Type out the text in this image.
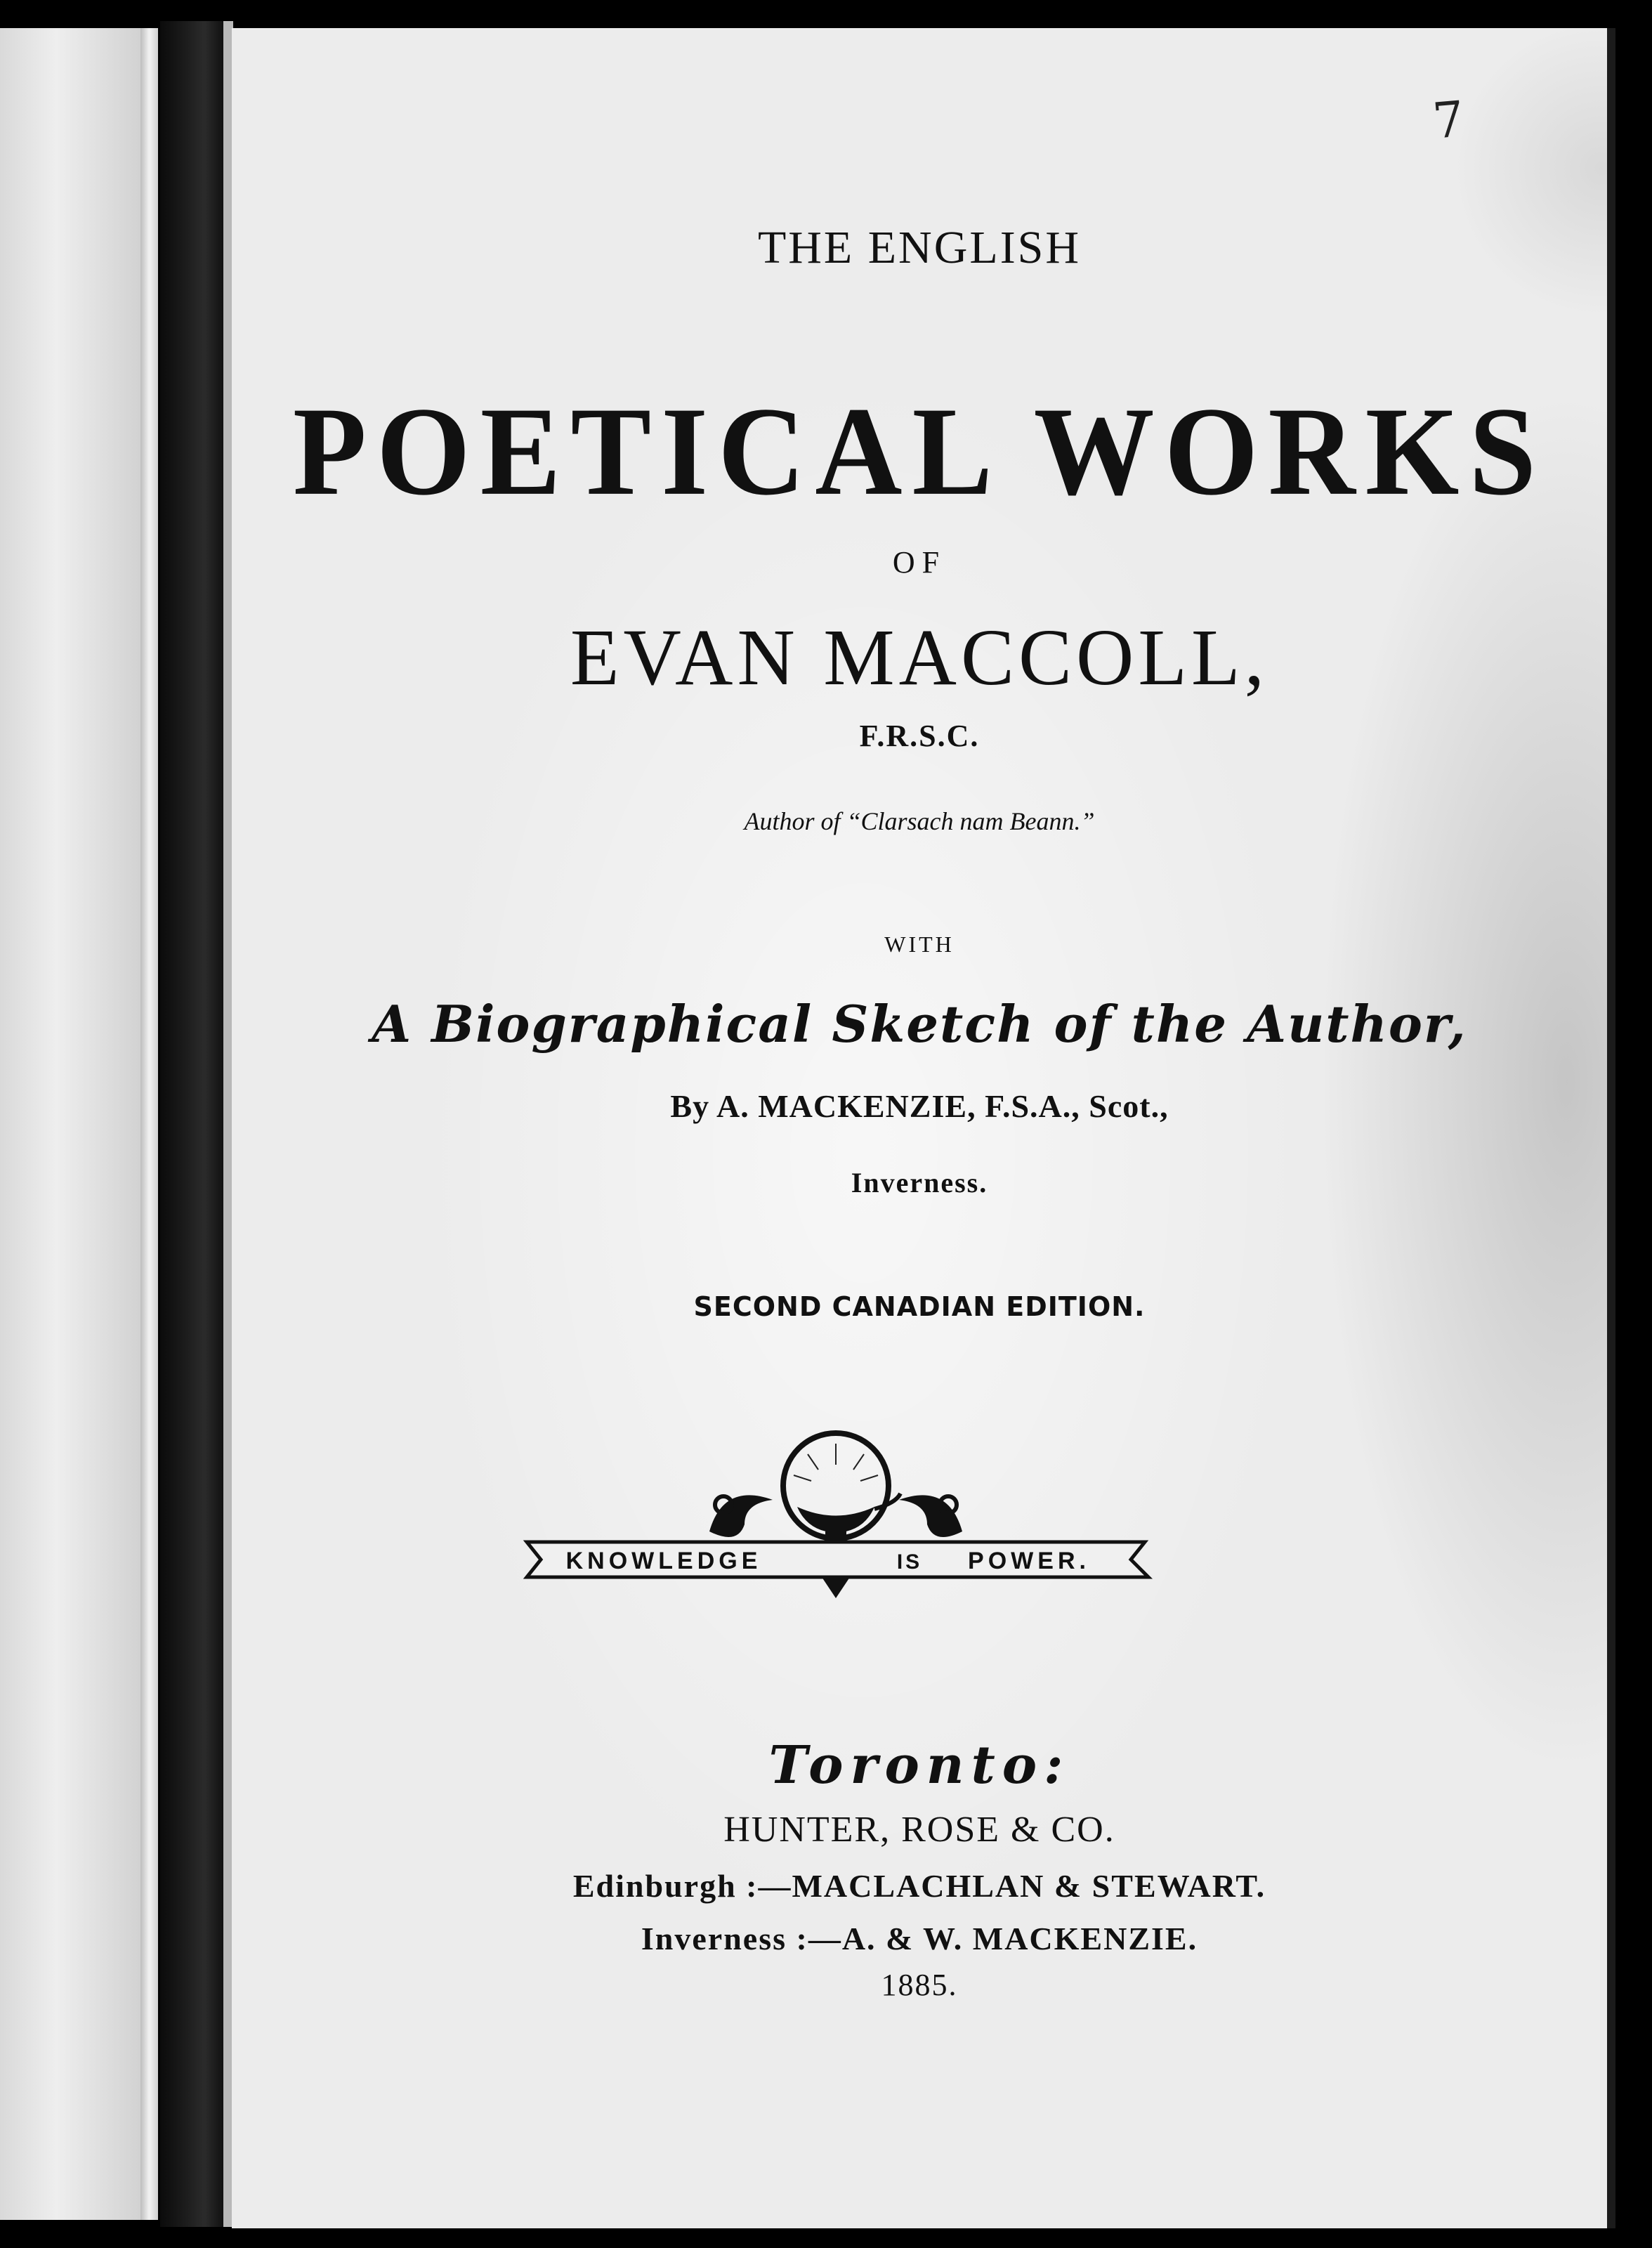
7
THE ENGLISH
POETICAL WORKS
OF
EVAN MACCOLL,
F.R.S.C.
Author of “Clarsach nam Beann.”
WITH
A Biographical Sketch of the Author,
By A. MACKENZIE, F.S.A., Scot.,
Inverness.
SECOND CANADIAN EDITION.
KNOWLEDGE	IS POWER.
Toronto:
HUNTER, ROSE & CO.
Edinburgh :—MACLACHLAN & STEWART.
Inverness :—A. & W. MACKENZIE.
1885.
